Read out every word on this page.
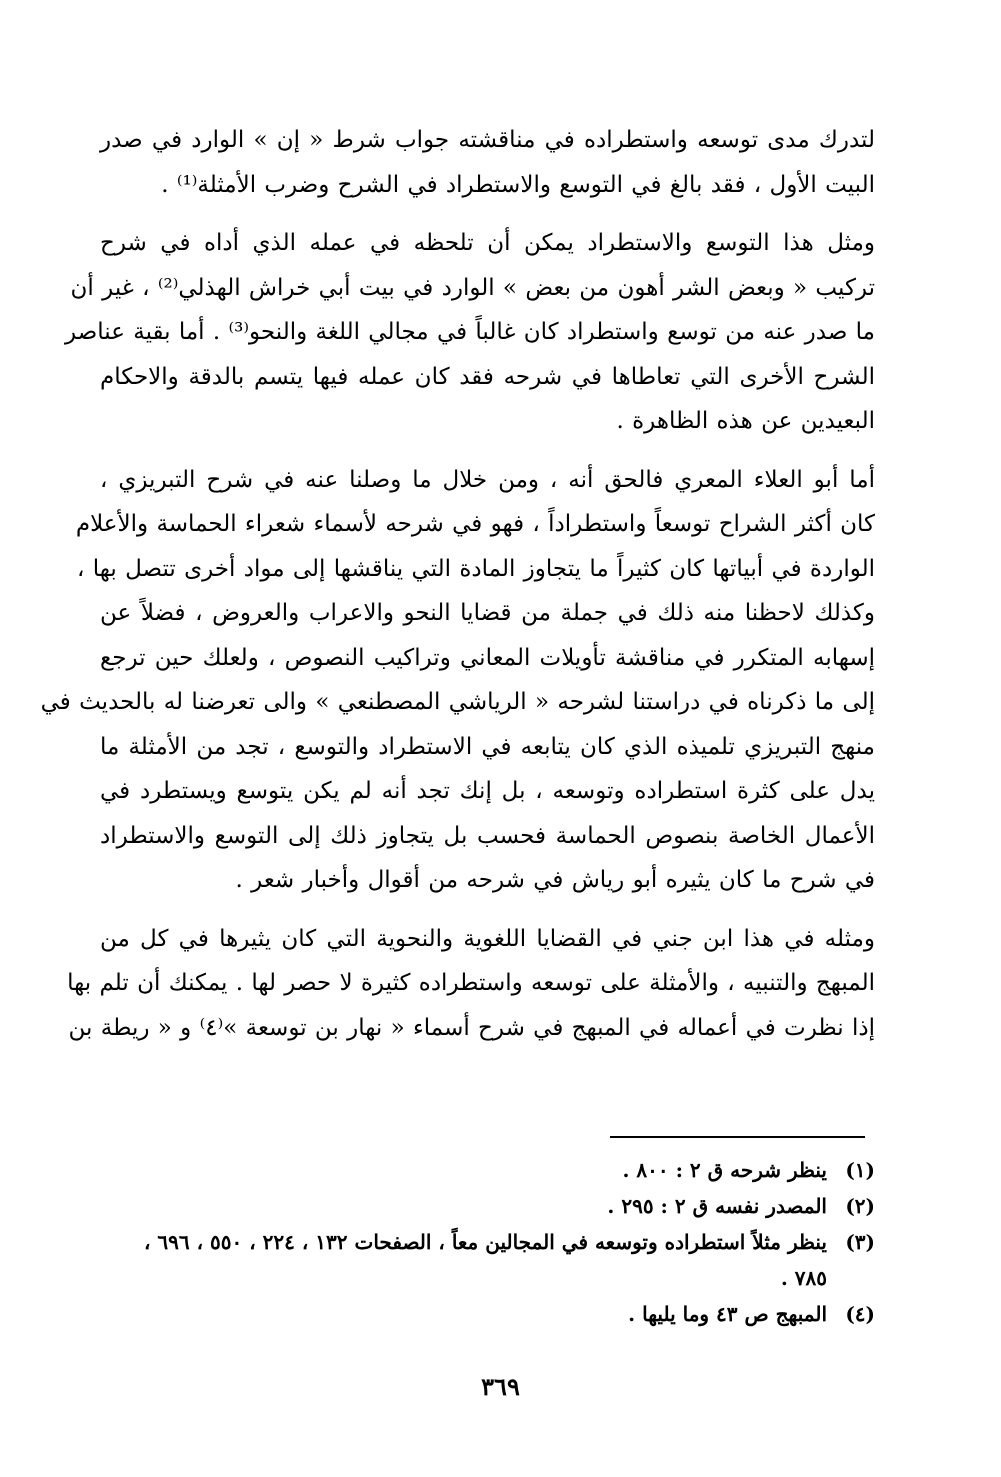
لتدرك مدى توسعه واستطراده في مناقشته جواب شرط « إن » الوارد في صدر
البيت الأول ، فقد بالغ في التوسع والاستطراد في الشرح وضرب الأمثلة⁽¹⁾ .
ومثل هذا التوسع والاستطراد يمكن أن تلحظه في عمله الذي أداه في شرح
تركيب « وبعض الشر أهون من بعض » الوارد في بيت أبي خراش الهذلي⁽²⁾ ، غير أن
ما صدر عنه من توسع واستطراد كان غالباً في مجالي اللغة والنحو⁽³⁾ . أما بقية عناصر
الشرح الأخرى التي تعاطاها في شرحه فقد كان عمله فيها يتسم بالدقة والاحكام
البعيدين عن هذه الظاهرة .
أما أبو العلاء المعري فالحق أنه ، ومن خلال ما وصلنا عنه في شرح التبريزي ،
كان أكثر الشراح توسعاً واستطراداً ، فهو في شرحه لأسماء شعراء الحماسة والأعلام
الواردة في أبياتها كان كثيراً ما يتجاوز المادة التي يناقشها إلى مواد أخرى تتصل بها ،
وكذلك لاحظنا منه ذلك في جملة من قضايا النحو والاعراب والعروض ، فضلاً عن
إسهابه المتكرر في مناقشة تأويلات المعاني وتراكيب النصوص ، ولعلك حين ترجع
إلى ما ذكرناه في دراستنا لشرحه « الرياشي المصطنعي » والى تعرضنا له بالحديث في
منهج التبريزي تلميذه الذي كان يتابعه في الاستطراد والتوسع ، تجد من الأمثلة ما
يدل على كثرة استطراده وتوسعه ، بل إنك تجد أنه لم يكن يتوسع ويستطرد في
الأعمال الخاصة بنصوص الحماسة فحسب بل يتجاوز ذلك إلى التوسع والاستطراد
في شرح ما كان يثيره أبو رياش في شرحه من أقوال وأخبار شعر .
ومثله في هذا ابن جني في القضايا اللغوية والنحوية التي كان يثيرها في كل من
المبهج والتنبيه ، والأمثلة على توسعه واستطراده كثيرة لا حصر لها . يمكنك أن تلم بها
إذا نظرت في أعماله في المبهج في شرح أسماء « نهار بن توسعة »⁽٤⁾ و « ريطة بن
(١)
ينظر شرحه ق ٢ : ٨٠٠ .
(٢)
المصدر نفسه ق ٢ : ٢٩٥ .
(٣)
ينظر مثلاً استطراده وتوسعه في المجالين معاً ، الصفحات ١٣٢ ، ٢٢٤ ، ٥٥٠ ، ٦٩٦ ،
٧٨٥ .
(٤)
المبهج ص ٤٣ وما يليها .
٣٦٩
